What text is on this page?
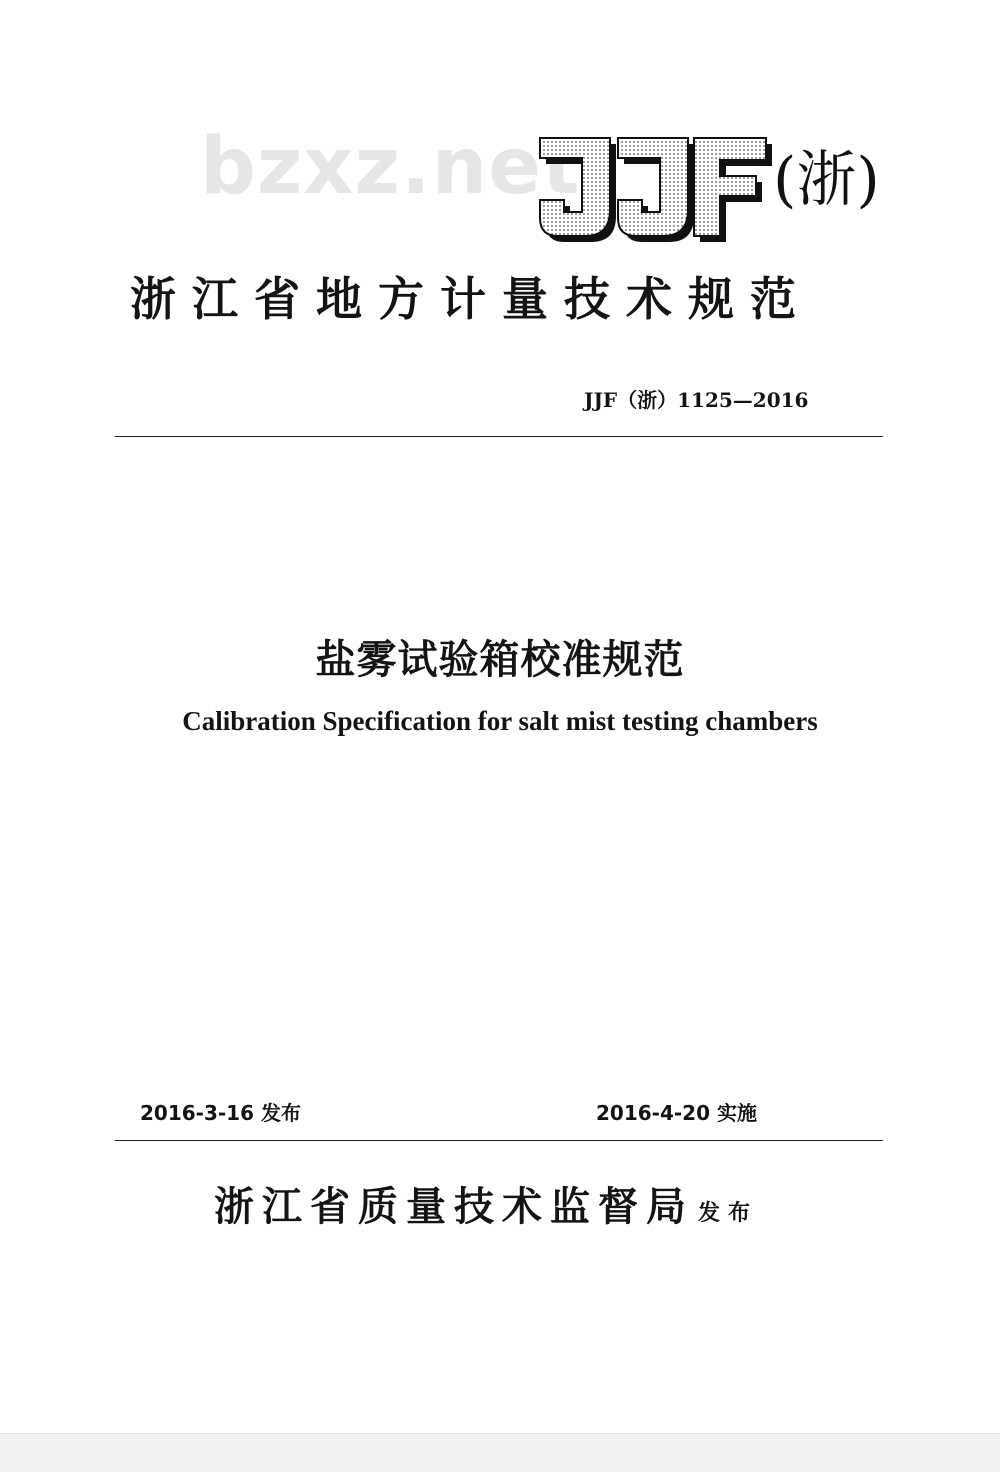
bzxz.net	(浙)
浙江省地方计量技术规范
JJF（浙）1125—2016
盐雾试验箱校准规范
Calibration Specification for salt mist testing chambers
2016-3-16 发布	2016-4-20 实施
浙江省质量技术监督局 发布
